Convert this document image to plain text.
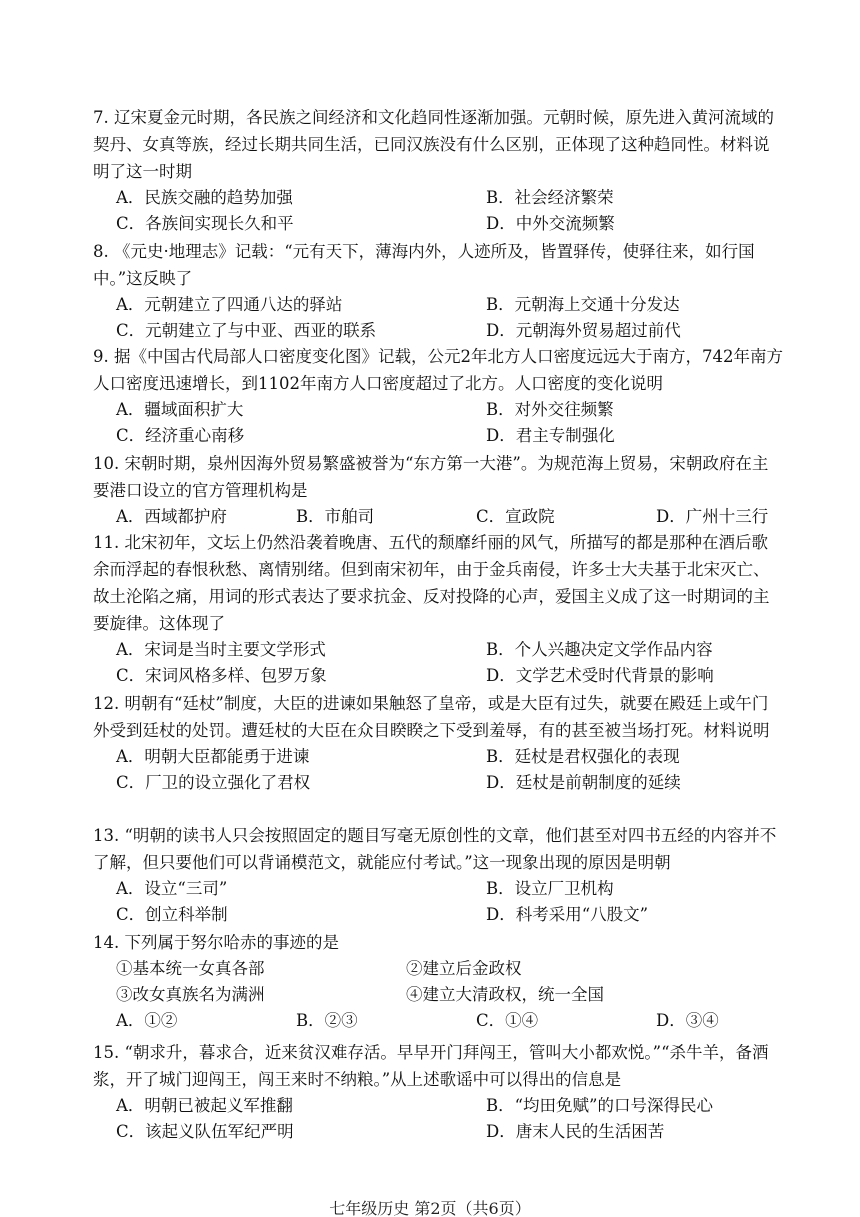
7. 辽宋夏金元时期，各民族之间经济和文化趋同性逐渐加强。元朝时候，原先进入黄河流域的契丹、女真等族，经过长期共同生活，已同汉族没有什么区别，正体现了这种趋同性。材料说明了这一时期

A．民族交融的趋势加强	B．社会经济繁荣
C．各族间实现长久和平	D．中外交流频繁

8. 《元史·地理志》记载：“元有天下，薄海内外，人迹所及，皆置驿传，使驿往来，如行国中。”这反映了

A．元朝建立了四通八达的驿站	B．元朝海上交通十分发达
C．元朝建立了与中亚、西亚的联系	D．元朝海外贸易超过前代

9. 据《中国古代局部人口密度变化图》记载，公元2年北方人口密度远远大于南方，742年南方人口密度迅速增长，到1102年南方人口密度超过了北方。人口密度的变化说明

A．疆域面积扩大	B．对外交往频繁
C．经济重心南移	D．君主专制强化

10. 宋朝时期，泉州因海外贸易繁盛被誉为“东方第一大港”。为规范海上贸易，宋朝政府在主要港口设立的官方管理机构是

A．西域都护府	B．市舶司	C．宣政院	D．广州十三行

11. 北宋初年，文坛上仍然沿袭着晚唐、五代的颓靡纤丽的风气，所描写的都是那种在酒后歌余而浮起的春恨秋愁、离情别绪。但到南宋初年，由于金兵南侵，许多士大夫基于北宋灭亡、故土沦陷之痛，用词的形式表达了要求抗金、反对投降的心声，爱国主义成了这一时期词的主要旋律。这体现了

A．宋词是当时主要文学形式	B．个人兴趣决定文学作品内容
C．宋词风格多样、包罗万象	D．文学艺术受时代背景的影响

12. 明朝有“廷杖”制度，大臣的进谏如果触怒了皇帝，或是大臣有过失，就要在殿廷上或午门外受到廷杖的处罚。遭廷杖的大臣在众目睽睽之下受到羞辱，有的甚至被当场打死。材料说明

A．明朝大臣都能勇于进谏	B．廷杖是君权强化的表现
C．厂卫的设立强化了君权	D．廷杖是前朝制度的延续

13. “明朝的读书人只会按照固定的题目写毫无原创性的文章，他们甚至对四书五经的内容并不了解，但只要他们可以背诵模范文，就能应付考试。”这一现象出现的原因是明朝

A．设立“三司”	B．设立厂卫机构
C．创立科举制	D．科考采用“八股文”

14. 下列属于努尔哈赤的事迹的是

①基本统一女真各部	②建立后金政权
③改女真族名为满洲	④建立大清政权，统一全国
A．①②	B．②③	C．①④	D．③④

15. “朝求升，暮求合，近来贫汉难存活。早早开门拜闯王，管叫大小都欢悦。”“杀牛羊，备酒浆，开了城门迎闯王，闯王来时不纳粮。”从上述歌谣中可以得出的信息是

A．明朝已被起义军推翻	B．“均田免赋”的口号深得民心
C．该起义队伍军纪严明	D．唐末人民的生活困苦
七年级历史 第2页（共6页）
